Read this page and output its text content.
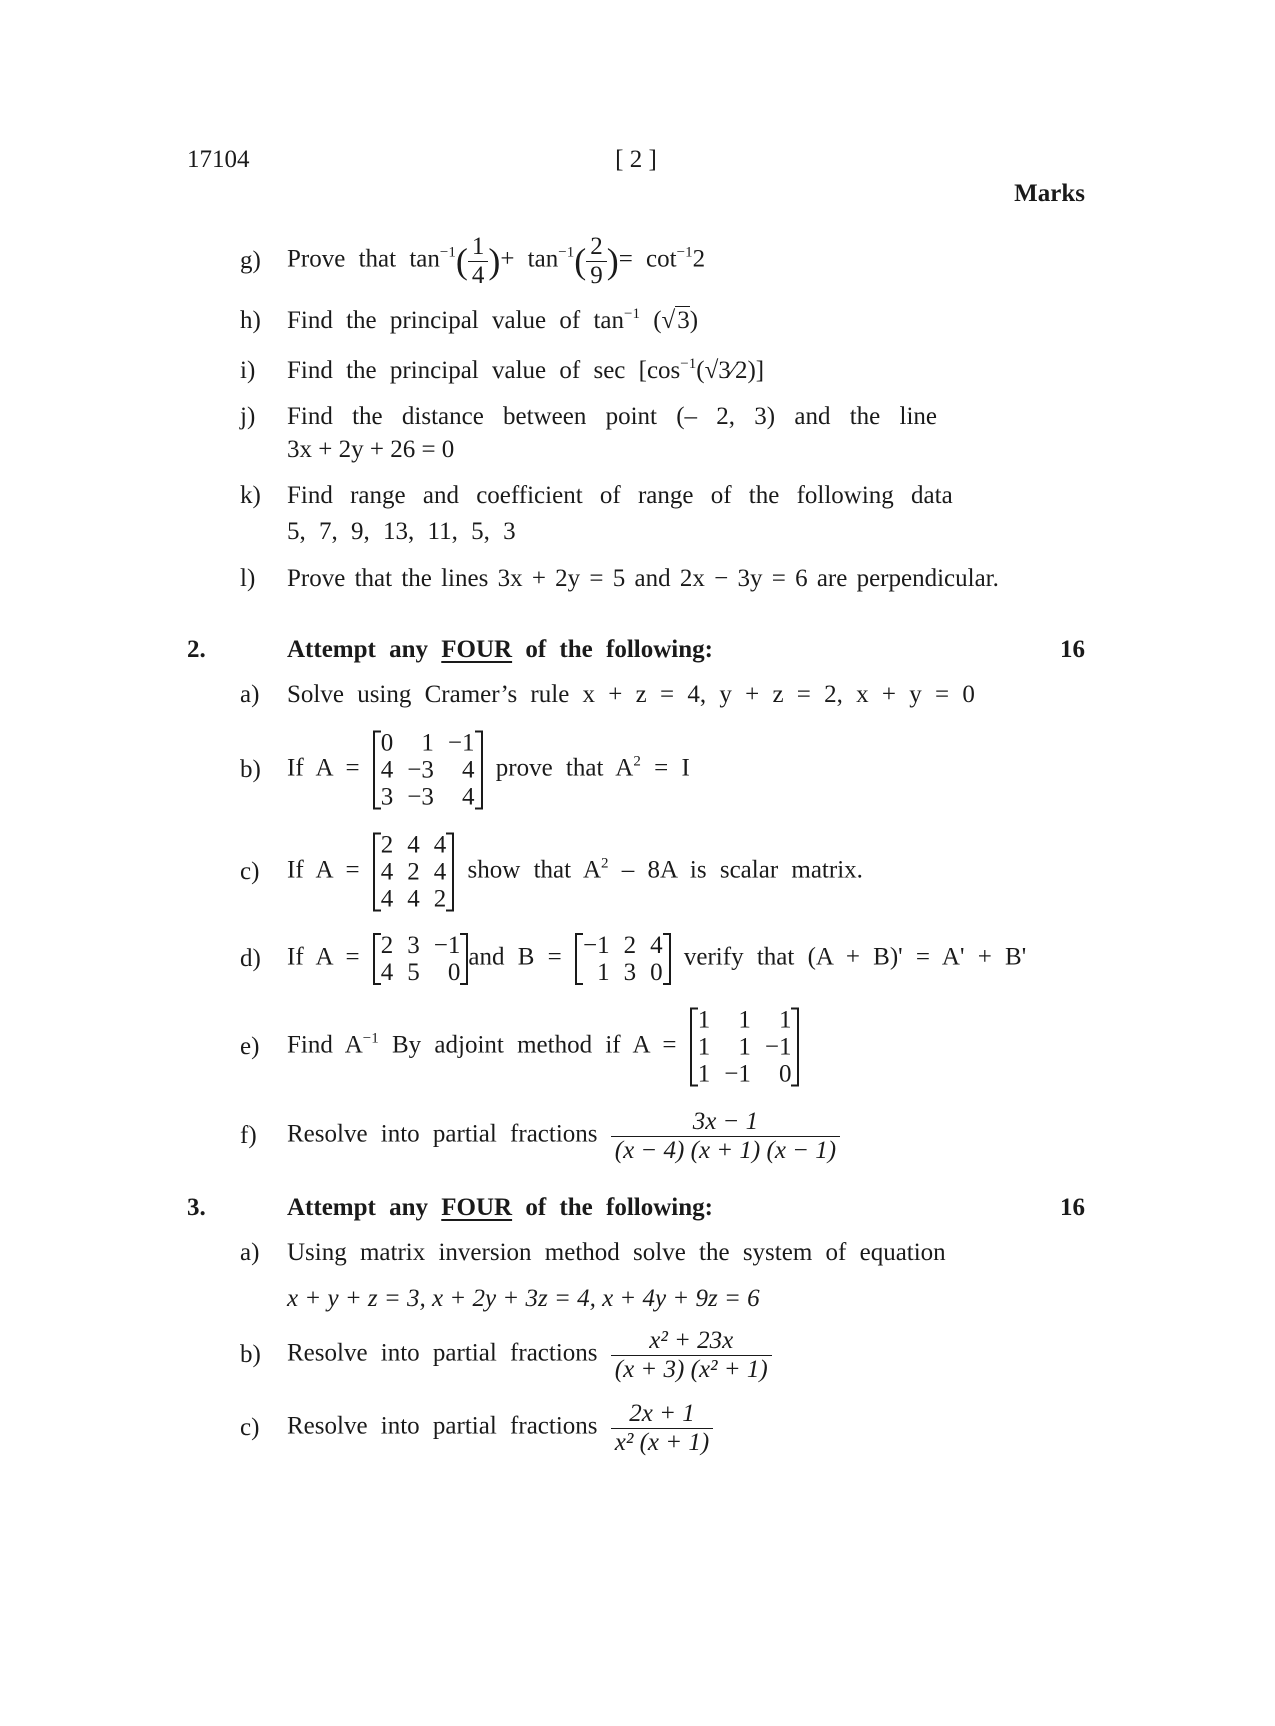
17104	[ 2 ]
Marks
g) Prove that $\tan^{-1}( \frac{1}{4}$ )+ $\tan^{-1}( \frac{2}{9}$ )= $\cot^{-1}2$
h) Find the principal value of $\tan^{-1} (√3)$
i) Find the principal value of $\sec [\cos^{-1}(√3⁄2)]$
j) Find the distance between point (– 2, 3) and the line
3x + 2y + 26 = 0
k) Find range and coefficient of range of the following data
5, 7, 9, 13, 11, 5, 3
l) Prove that the lines 3x + 2y = 5 and 2x − 3y = 6 are perpendicular.
2.	Attempt any FOUR of the following:	16
a) Solve using Cramer’s rule x + z = 4, y + z = 2, x + y = 0
b) If A =
0	1 −1
4 −3	4
3 −3	4
prove that $A^2 = I$
c) If A =
2 4 4
4 2 4
4 4 2
show that $A^2 - 8A$ is scalar matrix.
d) If A = 2 3 −1
4 5	0
and B = −1 2 4
1 3 0
verify that (A + B)' = A' + B'
e) Find $A^{-1}$ By adjoint method if A =
1	1	1
1	1 −1
1 −1	0
f) Resolve into partial fractions $\frac{3x - 1}{(x - 4) (x + 1) (x - 1)}$
3.	Attempt any FOUR of the following:	16
a) Using matrix inversion method solve the system of equation
x + y + z = 3, x + 2y + 3z = 4, x + 4y + 9z = 6
b) Resolve into partial fractions $\frac{\text{x² + 23x}}{\text{(x + 3) (x² + 1)}}$
c) Resolve into partial fractions $\frac{2x + 1}{\text{x² (x + 1)}}$
